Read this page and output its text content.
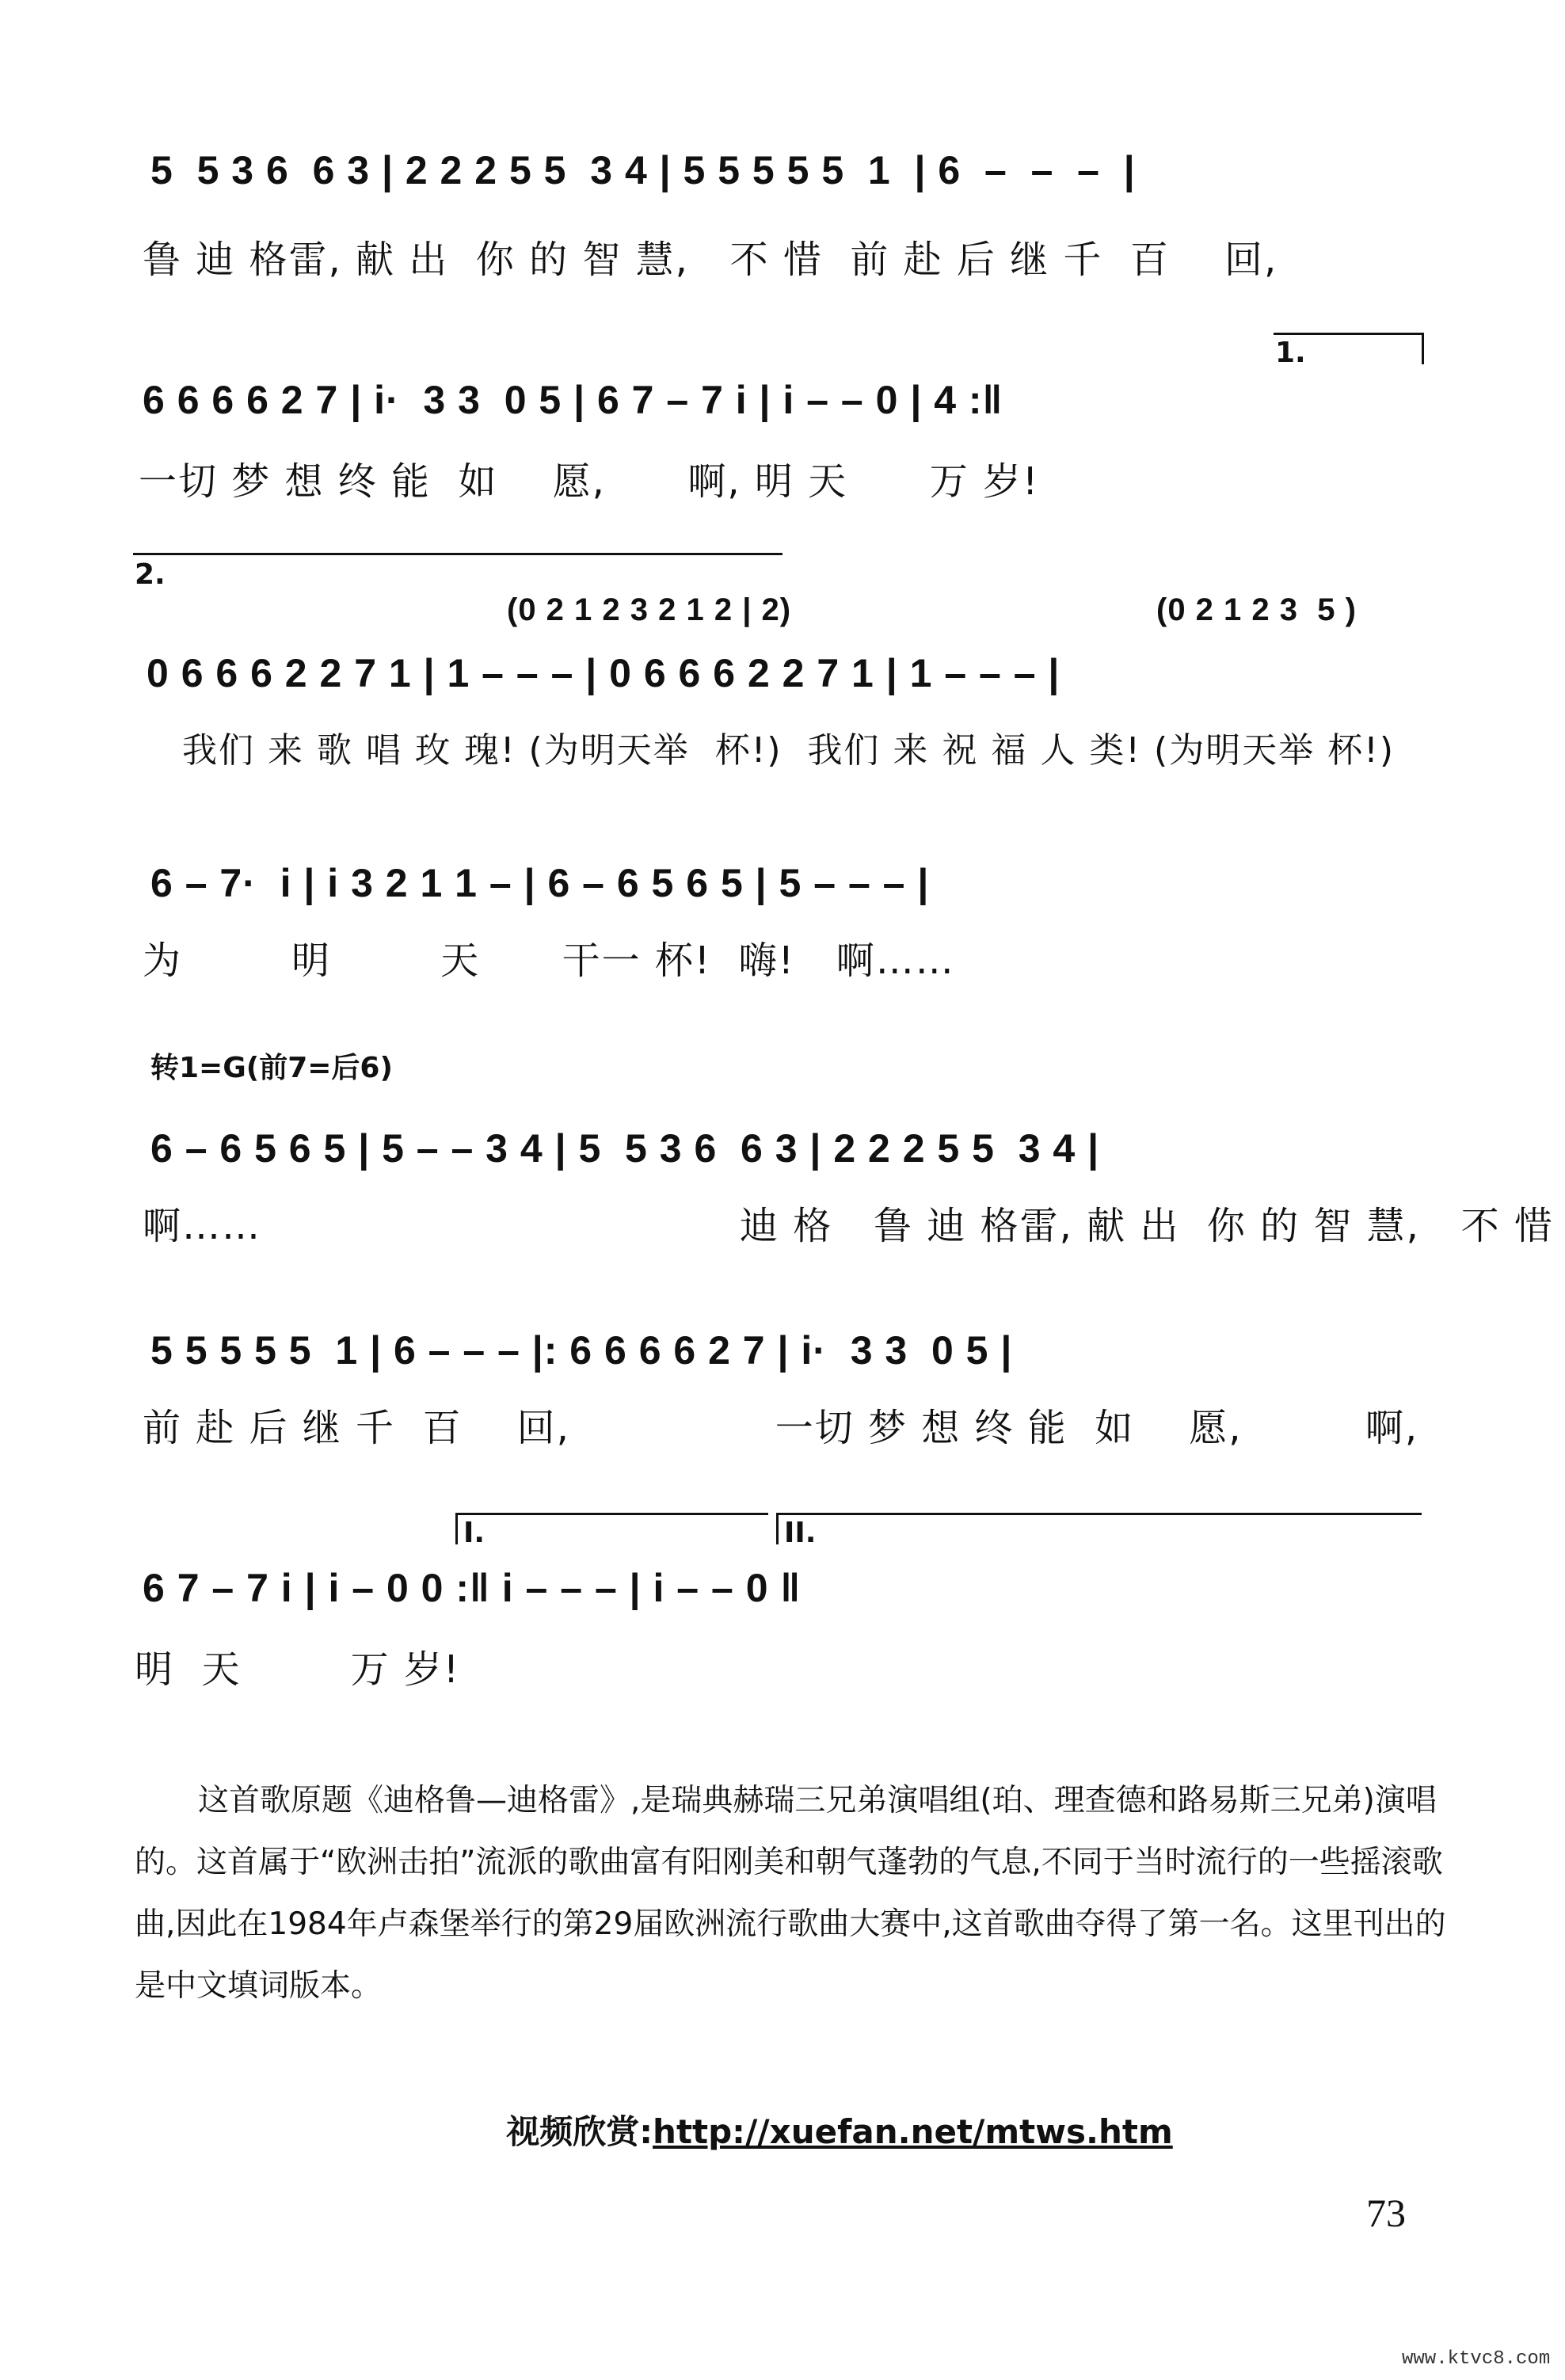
5  5 3 6  6 3 | 2 2 2 5 5  3 4 | 5 5 5 5 5  1  | 6  –  –  –  |
鲁 迪 格雷, 献 出  你 的 智 慧,   不 惜  前 赴 后 继 千  百    回,
1.
6 6 6 6 2 7 | i·  3 3  0 5 | 6 7 – 7 i | i – – 0 | 4 :‖
一切 梦 想 终 能  如    愿,      啊, 明 天      万 岁!
2.
(0 2 1 2 3 2 1 2 | 2)	(0 2 1 2 3  5 )
0 6 6 6 2 2 7 1 | 1 – – – | 0 6 6 6 2 2 7 1 | 1 – – – |
我们 来 歌 唱 玫 瑰! (为明天举  杯!)  我们 来 祝 福 人 类! (为明天举 杯!)
6 – 7·  i | i 3 2 1 1 – | 6 – 6 5 6 5 | 5 – – – |
为        明        天      干一 杯!  嗨!   啊……
转1=G(前7=后6)
6 – 6 5 6 5 | 5 – – 3 4 | 5  5 3 6  6 3 | 2 2 2 5 5  3 4 |
啊……                                   迪 格   鲁 迪 格雷, 献 出  你 的 智 慧,   不 惜
5 5 5 5 5  1 | 6 – – – |: 6 6 6 6 2 7 | i·  3 3  0 5 |
前 赴 后 继 千  百    回,               一切 梦 想 终 能  如    愿,         啊,
I.	II.
6 7 – 7 i | i – 0 0 :‖ i – – – | i – – 0 ‖
明  天        万 岁!
这首歌原题《迪格鲁—迪格雷》,是瑞典赫瑞三兄弟演唱组(珀、理查德和路易斯三兄弟)演唱的。这首属于“欧洲击拍”流派的歌曲富有阳刚美和朝气蓬勃的气息,不同于当时流行的一些摇滚歌曲,因此在1984年卢森堡举行的第29届欧洲流行歌曲大赛中,这首歌曲夺得了第一名。这里刊出的是中文填词版本。

视频欣赏:http://xuefan.net/mtws.htm

73
www.ktvc8.com
